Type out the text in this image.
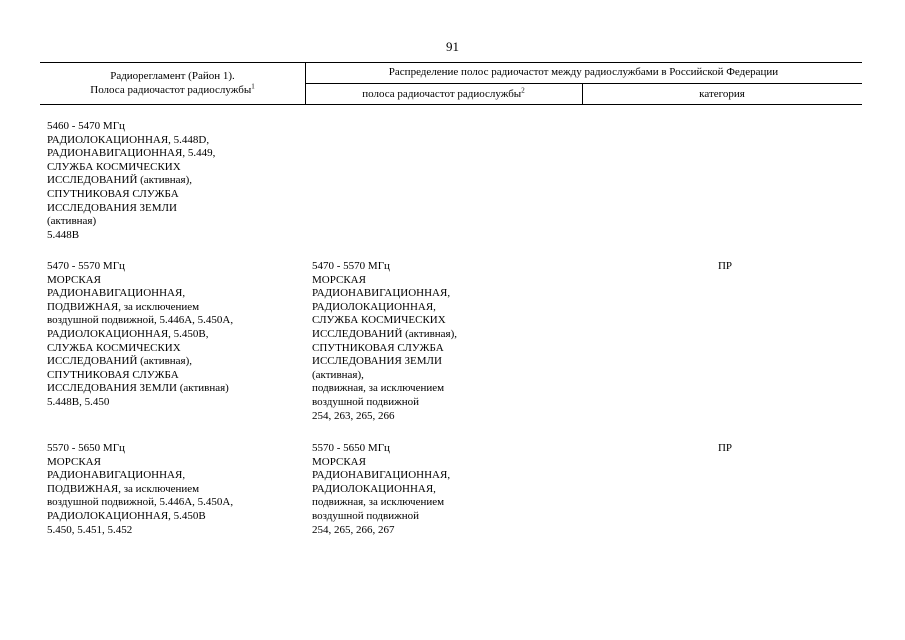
91
Радиорегламент (Район 1).
Полоса радиочастот радиослужбы$^1$
Распределение полос радиочастот между радиослужбами в Российской Федерации
полоса радиочастот радиослужбы$^2$	категория
5460 - 5470 МГц
РАДИОЛОКАЦИОННАЯ, 5.448D,
РАДИОНАВИГАЦИОННАЯ, 5.449,
СЛУЖБА КОСМИЧЕСКИХ
ИССЛЕДОВАНИЙ (активная),
СПУТНИКОВАЯ СЛУЖБА
ИССЛЕДОВАНИЯ ЗЕМЛИ
(активная)
5.448B
5470 - 5570 МГц
МОРСКАЯ
РАДИОНАВИГАЦИОННАЯ,
ПОДВИЖНАЯ, за исключением
воздушной подвижной, 5.446A, 5.450A,
РАДИОЛОКАЦИОННАЯ, 5.450B,
СЛУЖБА КОСМИЧЕСКИХ
ИССЛЕДОВАНИЙ (активная),
СПУТНИКОВАЯ СЛУЖБА
ИССЛЕДОВАНИЯ ЗЕМЛИ (активная)
5.448B, 5.450
5470 - 5570 МГц
МОРСКАЯ
РАДИОНАВИГАЦИОННАЯ,
РАДИОЛОКАЦИОННАЯ,
СЛУЖБА КОСМИЧЕСКИХ
ИССЛЕДОВАНИЙ (активная),
СПУТНИКОВАЯ СЛУЖБА
ИССЛЕДОВАНИЯ ЗЕМЛИ
(активная),
подвижная, за исключением
воздушной подвижной
254, 263, 265, 266
ПР
5570 - 5650 МГц
МОРСКАЯ
РАДИОНАВИГАЦИОННАЯ,
ПОДВИЖНАЯ, за исключением
воздушной подвижной, 5.446A, 5.450A,
РАДИОЛОКАЦИОННАЯ, 5.450B
5.450, 5.451, 5.452
5570 - 5650 МГц
МОРСКАЯ
РАДИОНАВИГАЦИОННАЯ,
РАДИОЛОКАЦИОННАЯ,
подвижная, за исключением
воздушной подвижной
254, 265, 266, 267
ПР
